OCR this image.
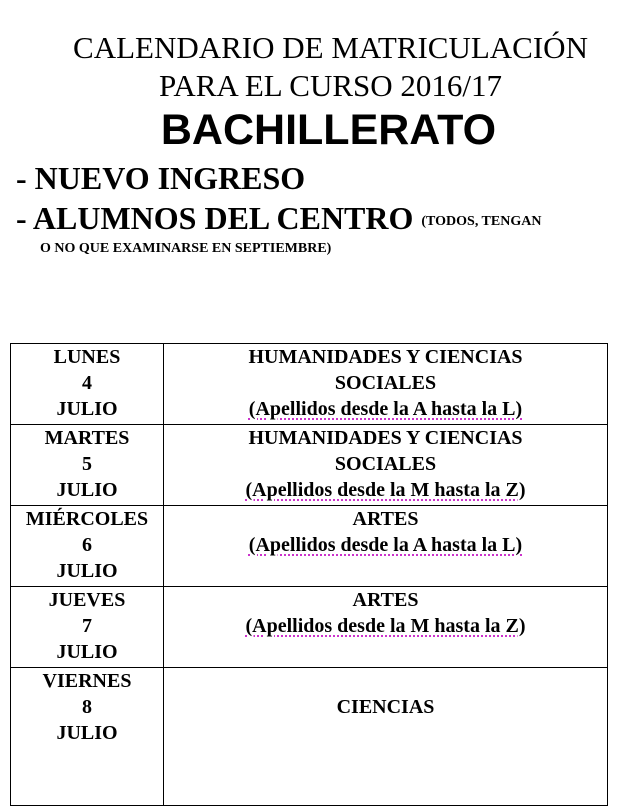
CALENDARIO DE MATRICULACIÓN
PARA EL CURSO 2016/17
BACHILLERATO
- NUEVO INGRESO
- ALUMNOS DEL CENTRO (TODOS, TENGAN
O NO QUE EXAMINARSE EN SEPTIEMBRE)
LUNES
4
JULIO	HUMANIDADES Y CIENCIAS
SOCIALES
(Apellidos desde la A hasta la L)

MARTES
5
JULIO	HUMANIDADES Y CIENCIAS
SOCIALES
(Apellidos desde la M hasta la Z)

MIÉRCOLES
6
JULIO	ARTES
(Apellidos desde la A hasta la L)

JUEVES
7
JULIO	ARTES
(Apellidos desde la M hasta la Z)

VIERNES
8
JULIO	CIENCIAS
